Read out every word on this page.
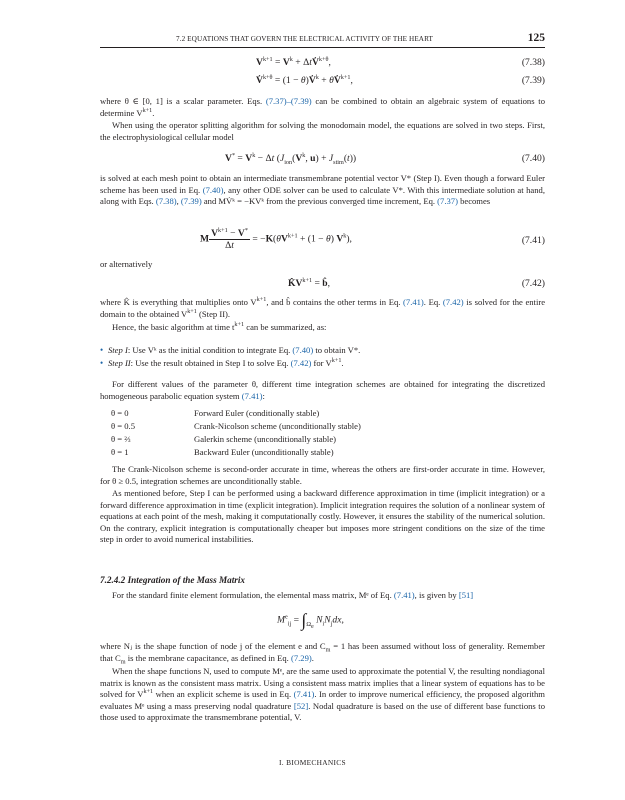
7.2 EQUATIONS THAT GOVERN THE ELECTRICAL ACTIVITY OF THE HEART	125
$V^{k+1} = V^k$ + ΔtV̇$^{k+\theta}$,	(7.38)
V̇$^{k+\theta}$ = (1 − θ)V̇$^k$ + θV̇$^{k+1}$,	(7.39)
where θ ∈ [0, 1] is a scalar parameter. Eqs. (7.37)–(7.39) can be combined to obtain an algebraic system of equations to determine $V^{k+1}$.
When using the operator splitting algorithm for solving the monodomain model, the equations are solved in two steps. First, the electrophysiological cellular model
$V^* = V^k - \Delta t$ ($J_{ion}(V^k$, $u) + J_{stim}(t)$)	(7.40)
is solved at each mesh point to obtain an intermediate transmembrane potential vector V* (Step I). Even though a forward Euler scheme has been used in Eq. (7.40), any other ODE solver can be used to calculate V*. With this intermediate solution at hand, along with Eqs. (7.38), (7.39) and MV̇ᵏ = −KVᵏ from the previous converged time increment, Eq. (7.37) becomes
M $\frac{V^{k+1} - V^*}{\Delta t} = -K(\theta V^{k+1} + (1 - \theta)$ $V^k$),	(7.41)
or alternatively
$K̂V^{k+1}$ = b̂,	(7.42)
where K̂ is everything that multiplies onto $V^{k+1}$, and b̂ contains the other terms in Eq. (7.41). Eq. (7.42) is solved for the entire domain to the obtained $V^{k+1}$ (Step II).
Hence, the basic algorithm at time $t^{k+1}$ can be summarized, as:
• Step I: Use Vᵏ as the initial condition to integrate Eq. (7.40) to obtain V*.
• Step II: Use the result obtained in Step I to solve Eq. (7.42) for $V^{k+1}$.
For different values of the parameter θ, different time integration schemes are obtained for integrating the discretized homogeneous parabolic equation system (7.41):
θ = 0	Forward Euler (conditionally stable)
θ = 0.5	Crank-Nicolson scheme (unconditionally stable)
θ = ⅔	Galerkin scheme (unconditionally stable)
θ = 1	Backward Euler (unconditionally stable)
The Crank-Nicolson scheme is second-order accurate in time, whereas the others are first-order accurate in time. However, for θ ≥ 0.5, integration schemes are unconditionally stable.
As mentioned before, Step I can be performed using a backward difference approximation in time (implicit integration) or a forward difference approximation in time (explicit integration). Implicit integration requires the solution of a nonlinear system of equations at each point of the mesh, making it computationally costly. However, it ensures the stability of the numerical solution. On the contrary, explicit integration is computationally cheaper but imposes more stringent conditions on the size of the time step in order to avoid numerical instabilities.
7.2.4.2 Integration of the Mass Matrix
For the standard finite element formulation, the elemental mass matrix, Mᵉ of Eq. (7.41), is given by [51]
$M^e_{ij} = \int_{\Omega_e}$ $N_iN_jdx$,
where Nⱼ is the shape function of node j of the element e and $C_m = 1$ has been assumed without loss of generality. Remember that $C_m$ is the membrane capacitance, as defined in Eq. (7.29).
When the shape functions N, used to compute Mᵉ, are the same used to approximate the potential V, the resulting nondiagonal matrix is known as the consistent mass matrix. Using a consistent mass matrix implies that a linear system of equations has to be solved for $V^{k+1}$ when an explicit scheme is used in Eq. (7.41). In order to improve numerical efficiency, the proposed algorithm evaluates Mᵉ using a mass preserving nodal quadrature [52]. Nodal quadrature is based on the use of different base functions to those used to approximate the transmembrane potential, V.
I. BIOMECHANICS
